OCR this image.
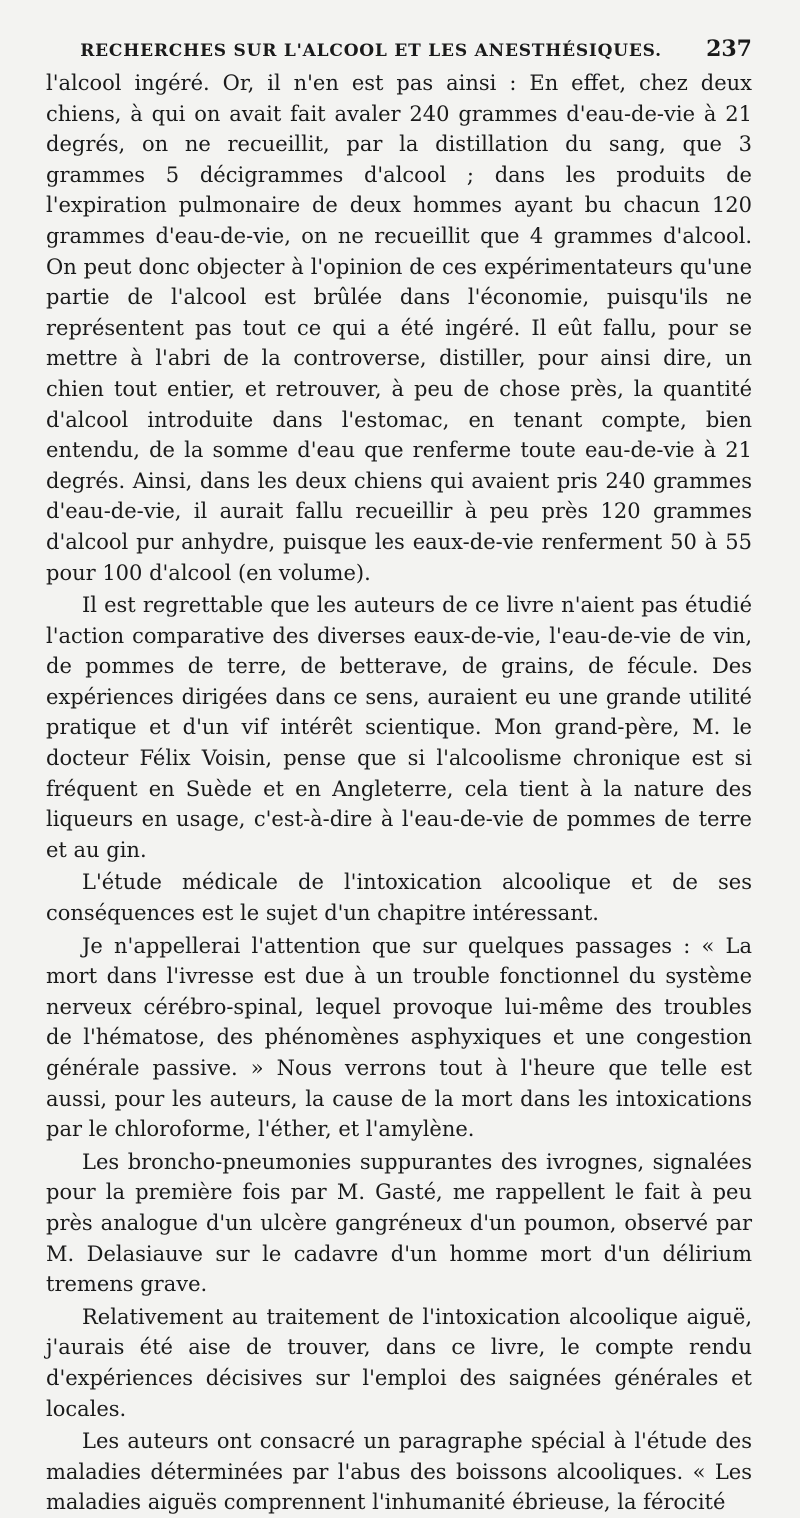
RECHERCHES SUR L'ALCOOL ET LES ANESTHÉSIQUES.	237

l'alcool ingéré. Or, il n'en est pas ainsi : En effet, chez deux chiens, à qui on avait fait avaler 240 grammes d'eau-de-vie à 21 degrés, on ne recueillit, par la distillation du sang, que 3 grammes 5 décigrammes d'alcool ; dans les produits de l'expiration pulmonaire de deux hommes ayant bu chacun 120 grammes d'eau-de-vie, on ne recueillit que 4 grammes d'alcool. On peut donc objecter à l'opinion de ces expérimentateurs qu'une partie de l'alcool est brûlée dans l'économie, puisqu'ils ne représentent pas tout ce qui a été ingéré. Il eût fallu, pour se mettre à l'abri de la controverse, distiller, pour ainsi dire, un chien tout entier, et retrouver, à peu de chose près, la quantité d'alcool introduite dans l'estomac, en tenant compte, bien entendu, de la somme d'eau que renferme toute eau-de-vie à 21 degrés. Ainsi, dans les deux chiens qui avaient pris 240 grammes d'eau-de-vie, il aurait fallu recueillir à peu près 120 grammes d'alcool pur anhydre, puisque les eaux-de-vie renferment 50 à 55 pour 100 d'alcool (en volume).

Il est regrettable que les auteurs de ce livre n'aient pas étudié l'action comparative des diverses eaux-de-vie, l'eau-de-vie de vin, de pommes de terre, de betterave, de grains, de fécule. Des expériences dirigées dans ce sens, auraient eu une grande utilité pratique et d'un vif intérêt scientique. Mon grand-père, M. le docteur Félix Voisin, pense que si l'alcoolisme chronique est si fréquent en Suède et en Angleterre, cela tient à la nature des liqueurs en usage, c'est-à-dire à l'eau-de-vie de pommes de terre et au gin.

L'étude médicale de l'intoxication alcoolique et de ses conséquences est le sujet d'un chapitre intéressant.

Je n'appellerai l'attention que sur quelques passages : « La mort dans l'ivresse est due à un trouble fonctionnel du système nerveux cérébro-spinal, lequel provoque lui-même des troubles de l'hématose, des phénomènes asphyxiques et une congestion générale passive. » Nous verrons tout à l'heure que telle est aussi, pour les auteurs, la cause de la mort dans les intoxications par le chloroforme, l'éther, et l'amylène.

Les broncho-pneumonies suppurantes des ivrognes, signalées pour la première fois par M. Gasté, me rappellent le fait à peu près analogue d'un ulcère gangréneux d'un poumon, observé par M. Delasiauve sur le cadavre d'un homme mort d'un délirium tremens grave.

Relativement au traitement de l'intoxication alcoolique aiguë, j'aurais été aise de trouver, dans ce livre, le compte rendu d'expériences décisives sur l'emploi des saignées générales et locales.

Les auteurs ont consacré un paragraphe spécial à l'étude des maladies déterminées par l'abus des boissons alcooliques. « Les maladies aiguës comprennent l'inhumanité ébrieuse, la férocité
